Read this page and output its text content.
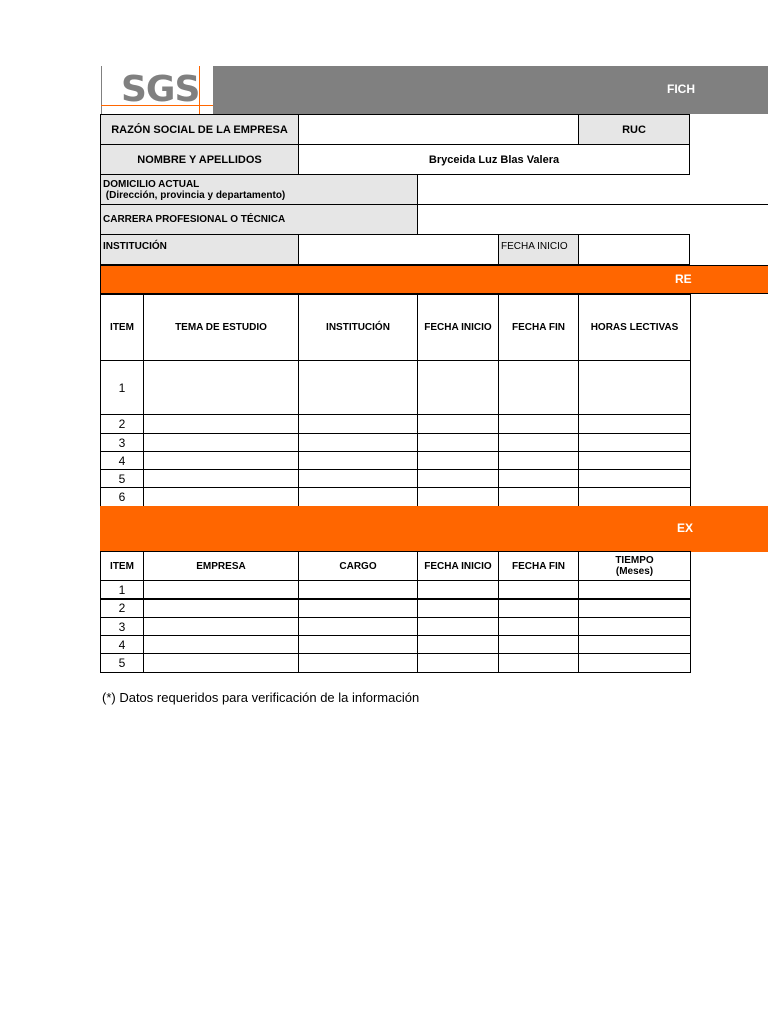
SGS	FICH
RAZÓN SOCIAL DE LA EMPRESA	RUC
NOMBRE Y APELLIDOS	Bryceida Luz Blas Valera
DOMICILIO ACTUAL
(Dirección, provincia y departamento)
CARRERA PROFESIONAL O TÉCNICA
INSTITUCIÓN	FECHA INICIO
RE
ITEM	TEMA DE ESTUDIO	INSTITUCIÓN	FECHA INICIO	FECHA FIN	HORAS LECTIVAS
1
2
3
4
5
6
EX
ITEM	EMPRESA	CARGO	FECHA INICIO	FECHA FIN	TIEMPO
(Meses)
1
2
3
4
5
(*) Datos requeridos para verificación de la información
